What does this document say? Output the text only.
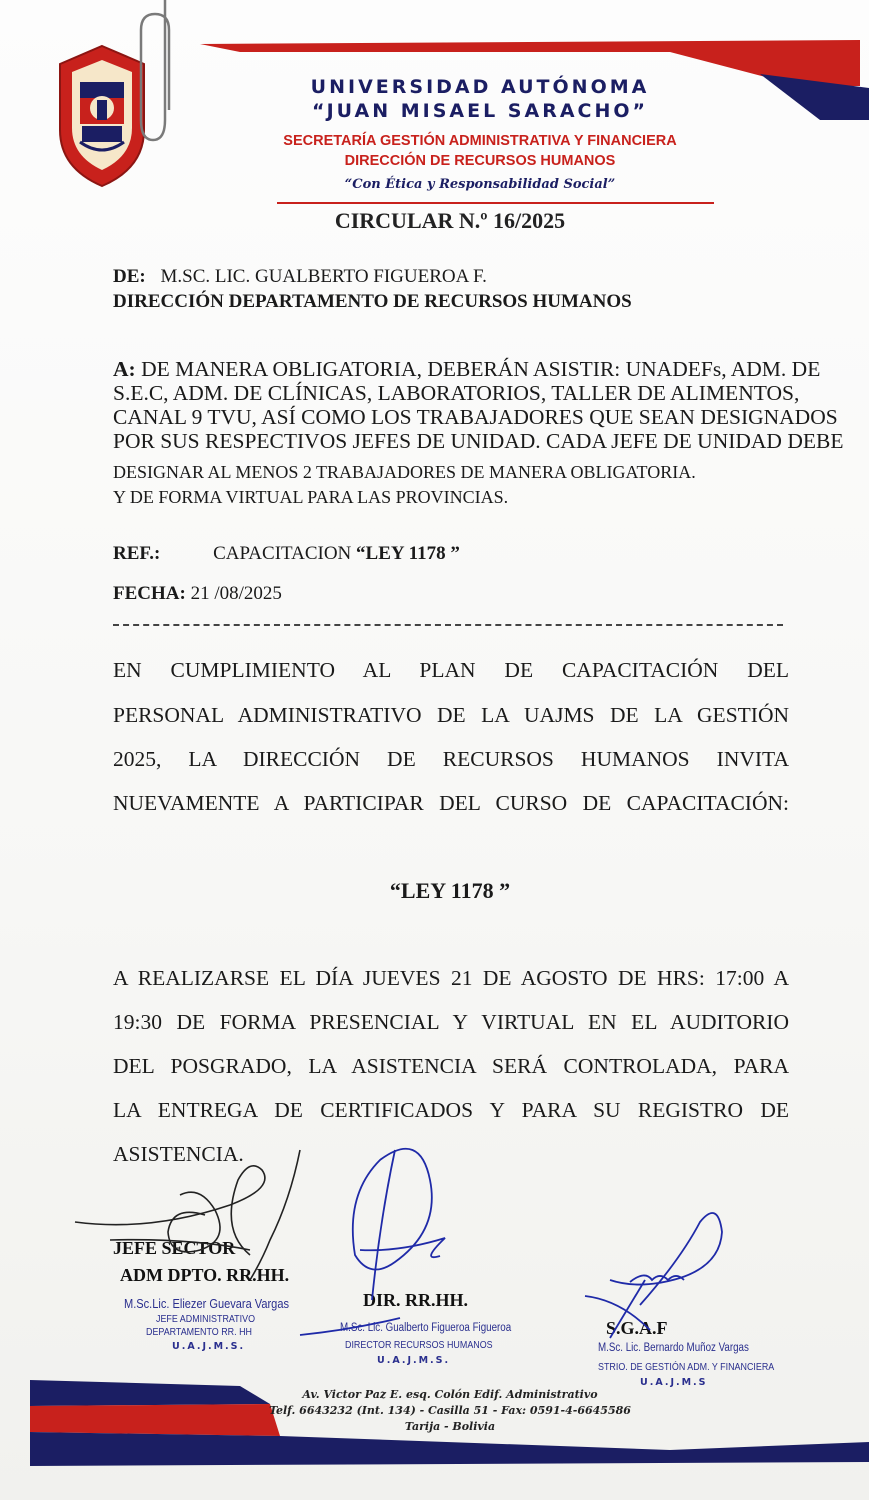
UNIVERSIDAD AUTÓNOMA
“JUAN MISAEL SARACHO”
SECRETARÍA GESTIÓN ADMINISTRATIVA Y FINANCIERA
DIRECCIÓN DE RECURSOS HUMANOS
“Con Ética y Responsabilidad Social”
CIRCULAR N.º 16/2025
DE: M.SC. LIC. GUALBERTO FIGUEROA F.
DIRECCIÓN DEPARTAMENTO DE RECURSOS HUMANOS
A: DE MANERA OBLIGATORIA, DEBERÁN ASISTIR: UNADEFs, ADM. DE
S.E.C, ADM. DE CLÍNICAS, LABORATORIOS, TALLER DE ALIMENTOS,
CANAL 9 TVU, ASÍ COMO LOS TRABAJADORES QUE SEAN DESIGNADOS
POR SUS RESPECTIVOS JEFES DE UNIDAD. CADA JEFE DE UNIDAD DEBE
DESIGNAR AL MENOS 2 TRABAJADORES DE MANERA OBLIGATORIA.
Y DE FORMA VIRTUAL PARA LAS PROVINCIAS.
REF.:	CAPACITACION “LEY 1178 ”
FECHA: 21 /08/2025
EN CUMPLIMIENTO AL PLAN DE CAPACITACIÓN DEL
PERSONAL ADMINISTRATIVO DE LA UAJMS DE LA GESTIÓN
2025, LA DIRECCIÓN DE RECURSOS HUMANOS INVITA
NUEVAMENTE A PARTICIPAR DEL CURSO DE CAPACITACIÓN:
“LEY 1178 ”
A REALIZARSE EL DÍA JUEVES 21 DE AGOSTO DE HRS: 17:00 A
19:30 DE FORMA PRESENCIAL Y VIRTUAL EN EL AUDITORIO
DEL POSGRADO, LA ASISTENCIA SERÁ CONTROLADA, PARA
LA ENTREGA DE CERTIFICADOS Y PARA SU REGISTRO DE
ASISTENCIA.
JEFE SECTOR
ADM DPTO. RR.HH.
M.Sc.Lic. Eliezer Guevara Vargas
JEFE ADMINISTRATIVO
DEPARTAMENTO RR. HH
U.A.J.M.S.
DIR. RR.HH.
M.Sc. Lic. Gualberto Figueroa Figueroa
DIRECTOR RECURSOS HUMANOS
U.A.J.M.S.
S.G.A.F
M.Sc. Lic. Bernardo Muñoz Vargas
STRIO. DE GESTIÓN ADM. Y FINANCIERA
U.A.J.M.S
Av. Victor Paz E. esq. Colón Edif. Administrativo
Telf. 6643232 (Int. 134) - Casilla 51 - Fax: 0591-4-6645586
Tarija - Bolivia
